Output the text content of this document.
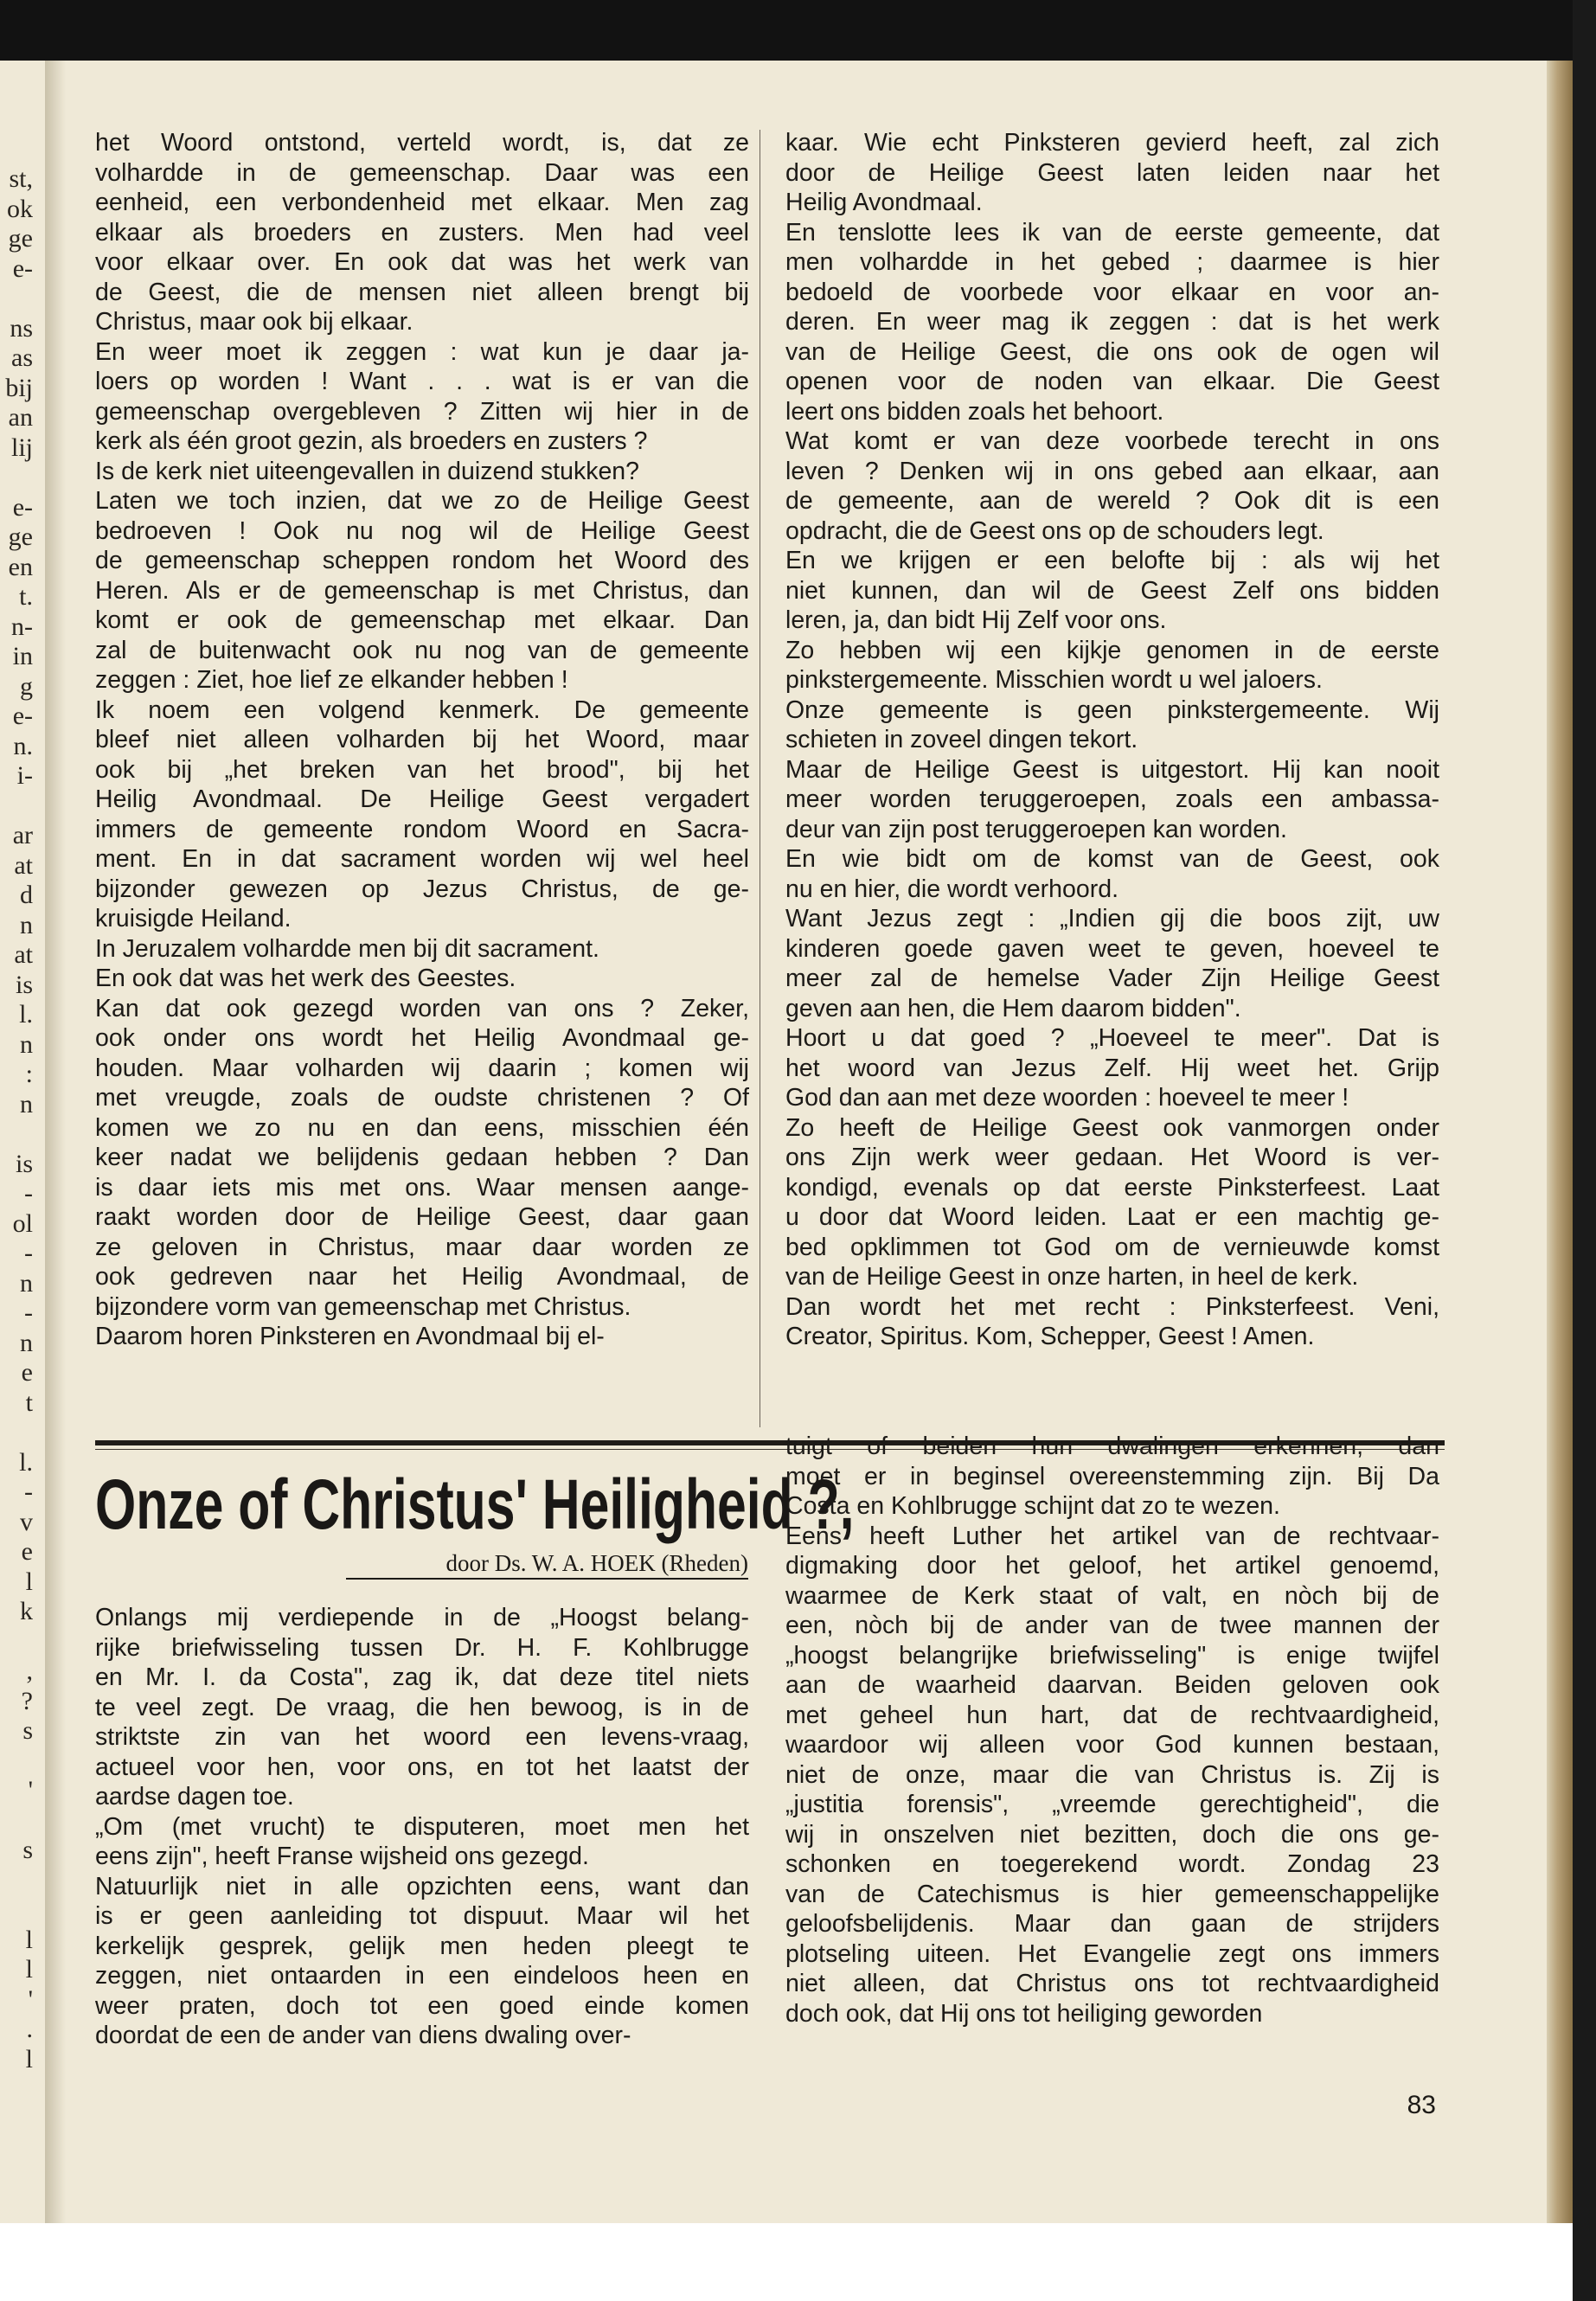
st,
ok
ge
e-
ns
as
bij
an
lij
e-
ge
en
t.
n-
in
g
e-
n.
i-
ar
at
d
n
at
is
l.
n
:
n
is
-
ol
-
n
-
n
e
t
l.
-
v
e
l
k
,
?
s
'
s
l
l
'
.
l
het Woord ontstond, verteld wordt, is, dat ze
volhardde in de gemeenschap. Daar was een
eenheid, een verbondenheid met elkaar. Men zag
elkaar als broeders en zusters. Men had veel
voor elkaar over. En ook dat was het werk van
de Geest, die de mensen niet alleen brengt bij
Christus, maar ook bij elkaar.
En weer moet ik zeggen : wat kun je daar ja-
loers op worden ! Want . . . wat is er van die
gemeenschap overgebleven ? Zitten wij hier in de
kerk als één groot gezin, als broeders en zusters ?
Is de kerk niet uiteengevallen in duizend stukken?
Laten we toch inzien, dat we zo de Heilige Geest
bedroeven ! Ook nu nog wil de Heilige Geest
de gemeenschap scheppen rondom het Woord des
Heren. Als er de gemeenschap is met Christus, dan
komt er ook de gemeenschap met elkaar. Dan
zal de buitenwacht ook nu nog van de gemeente
zeggen : Ziet, hoe lief ze elkander hebben !
Ik noem een volgend kenmerk. De gemeente
bleef niet alleen volharden bij het Woord, maar
ook bij „het breken van het brood", bij het
Heilig Avondmaal. De Heilige Geest vergadert
immers de gemeente rondom Woord en Sacra-
ment. En in dat sacrament worden wij wel heel
bijzonder gewezen op Jezus Christus, de ge-
kruisigde Heiland.
In Jeruzalem volhardde men bij dit sacrament.
En ook dat was het werk des Geestes.
Kan dat ook gezegd worden van ons ? Zeker,
ook onder ons wordt het Heilig Avondmaal ge-
houden. Maar volharden wij daarin ; komen wij
met vreugde, zoals de oudste christenen ? Of
komen we zo nu en dan eens, misschien één
keer nadat we belijdenis gedaan hebben ? Dan
is daar iets mis met ons. Waar mensen aange-
raakt worden door de Heilige Geest, daar gaan
ze geloven in Christus, maar daar worden ze
ook gedreven naar het Heilig Avondmaal, de
bijzondere vorm van gemeenschap met Christus.
Daarom horen Pinksteren en Avondmaal bij el-
kaar. Wie echt Pinksteren gevierd heeft, zal zich
door de Heilige Geest laten leiden naar het
Heilig Avondmaal.
En tenslotte lees ik van de eerste gemeente, dat
men volhardde in het gebed ; daarmee is hier
bedoeld de voorbede voor elkaar en voor an-
deren. En weer mag ik zeggen : dat is het werk
van de Heilige Geest, die ons ook de ogen wil
openen voor de noden van elkaar. Die Geest
leert ons bidden zoals het behoort.
Wat komt er van deze voorbede terecht in ons
leven ? Denken wij in ons gebed aan elkaar, aan
de gemeente, aan de wereld ? Ook dit is een
opdracht, die de Geest ons op de schouders legt.
En we krijgen er een belofte bij : als wij het
niet kunnen, dan wil de Geest Zelf ons bidden
leren, ja, dan bidt Hij Zelf voor ons.
Zo hebben wij een kijkje genomen in de eerste
pinkstergemeente. Misschien wordt u wel jaloers.
Onze gemeente is geen pinkstergemeente. Wij
schieten in zoveel dingen tekort.
Maar de Heilige Geest is uitgestort. Hij kan nooit
meer worden teruggeroepen, zoals een ambassa-
deur van zijn post teruggeroepen kan worden.
En wie bidt om de komst van de Geest, ook
nu en hier, die wordt verhoord.
Want Jezus zegt : „Indien gij die boos zijt, uw
kinderen goede gaven weet te geven, hoeveel te
meer zal de hemelse Vader Zijn Heilige Geest
geven aan hen, die Hem daarom bidden".
Hoort u dat goed ? „Hoeveel te meer". Dat is
het woord van Jezus Zelf. Hij weet het. Grijp
God dan aan met deze woorden : hoeveel te meer !
Zo heeft de Heilige Geest ook vanmorgen onder
ons Zijn werk weer gedaan. Het Woord is ver-
kondigd, evenals op dat eerste Pinksterfeest. Laat
u door dat Woord leiden. Laat er een machtig ge-
bed opklimmen tot God om de vernieuwde komst
van de Heilige Geest in onze harten, in heel de kerk.
Dan wordt het met recht : Pinksterfeest. Veni,
Creator, Spiritus. Kom, Schepper, Geest ! Amen.
Onze of Christus' Heiligheid ?,
door Ds. W. A. HOEK (Rheden)
Onlangs mij verdiepende in de „Hoogst belang-
rijke briefwisseling tussen Dr. H. F. Kohlbrugge
en Mr. I. da Costa", zag ik, dat deze titel niets
te veel zegt. De vraag, die hen bewoog, is in de
striktste zin van het woord een levens-vraag,
actueel voor hen, voor ons, en tot het laatst der
aardse dagen toe.
„Om (met vrucht) te disputeren, moet men het
eens zijn", heeft Franse wijsheid ons gezegd.
Natuurlijk niet in alle opzichten eens, want dan
is er geen aanleiding tot dispuut. Maar wil het
kerkelijk gesprek, gelijk men heden pleegt te
zeggen, niet ontaarden in een eindeloos heen en
weer praten, doch tot een goed einde komen
doordat de een de ander van diens dwaling over-
tuigt of beiden hun dwalingen erkennen, dan
moet er in beginsel overeenstemming zijn. Bij Da
Costa en Kohlbrugge schijnt dat zo te wezen.
Eens heeft Luther het artikel van de rechtvaar-
digmaking door het geloof, het artikel genoemd,
waarmee de Kerk staat of valt, en nòch bij de
een, nòch bij de ander van de twee mannen der
„hoogst belangrijke briefwisseling" is enige twijfel
aan de waarheid daarvan. Beiden geloven ook
met geheel hun hart, dat de rechtvaardigheid,
waardoor wij alleen voor God kunnen bestaan,
niet de onze, maar die van Christus is. Zij is
„justitia forensis", „vreemde gerechtigheid", die
wij in onszelven niet bezitten, doch die ons ge-
schonken en toegerekend wordt. Zondag 23
van de Catechismus is hier gemeenschappelijke
geloofsbelijdenis. Maar dan gaan de strijders
plotseling uiteen. Het Evangelie zegt ons immers
niet alleen, dat Christus ons tot rechtvaardigheid
doch ook, dat Hij ons tot heiliging geworden
83
